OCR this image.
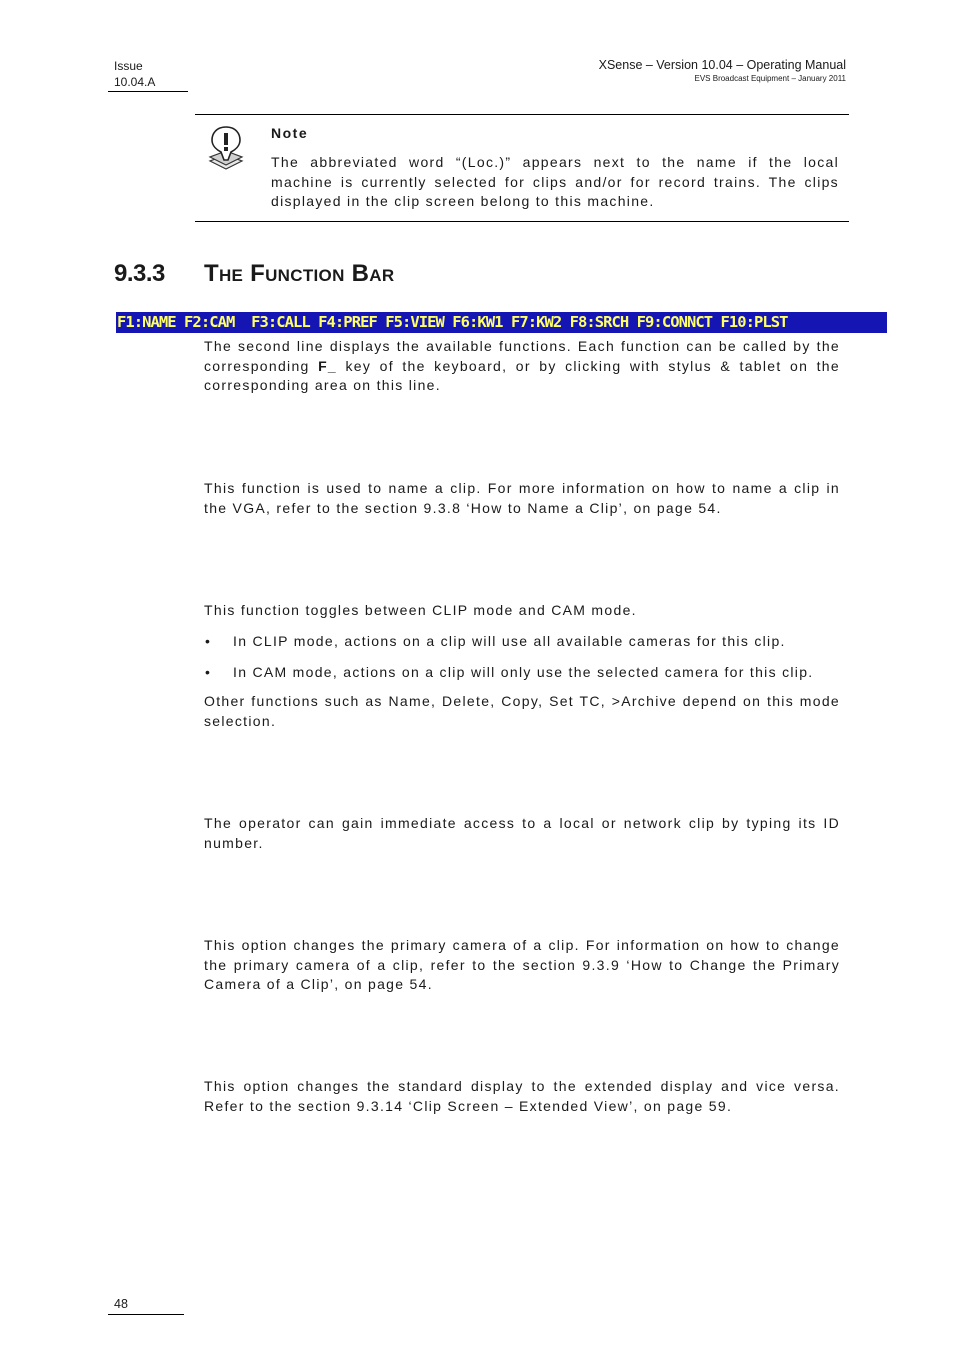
Issue
10.04.A
XSense – Version 10.04 – Operating Manual
EVS Broadcast Equipment – January 2011
Note
The abbreviated word “(Loc.)” appears next to the name if the local machine is currently selected for clips and/or for record trains. The clips displayed in the clip screen belong to this machine.
9.3.3 The Function Bar
F1:NAME F2:CAM  F3:CALL F4:PREF F5:VIEW F6:KW1 F7:KW2 F8:SRCH F9:CONNCT F10:PLST
The second line displays the available functions. Each function can be called by the corresponding F_ key of the keyboard, or by clicking with stylus & tablet on the corresponding area on this line.
This function is used to name a clip. For more information on how to name a clip in the VGA, refer to the section 9.3.8 ‘How to Name a Clip’, on page 54.
This function toggles between CLIP mode and CAM mode.
• In CLIP mode, actions on a clip will use all available cameras for this clip.
• In CAM mode, actions on a clip will only use the selected camera for this clip.
Other functions such as Name, Delete, Copy, Set TC, >Archive depend on this mode selection.
The operator can gain immediate access to a local or network clip by typing its ID number.
This option changes the primary camera of a clip. For information on how to change the primary camera of a clip, refer to the section 9.3.9 ‘How to Change the Primary Camera of a Clip’, on page 54.
This option changes the standard display to the extended display and vice versa. Refer to the section 9.3.14 ‘Clip Screen – Extended View’, on page 59.
48
